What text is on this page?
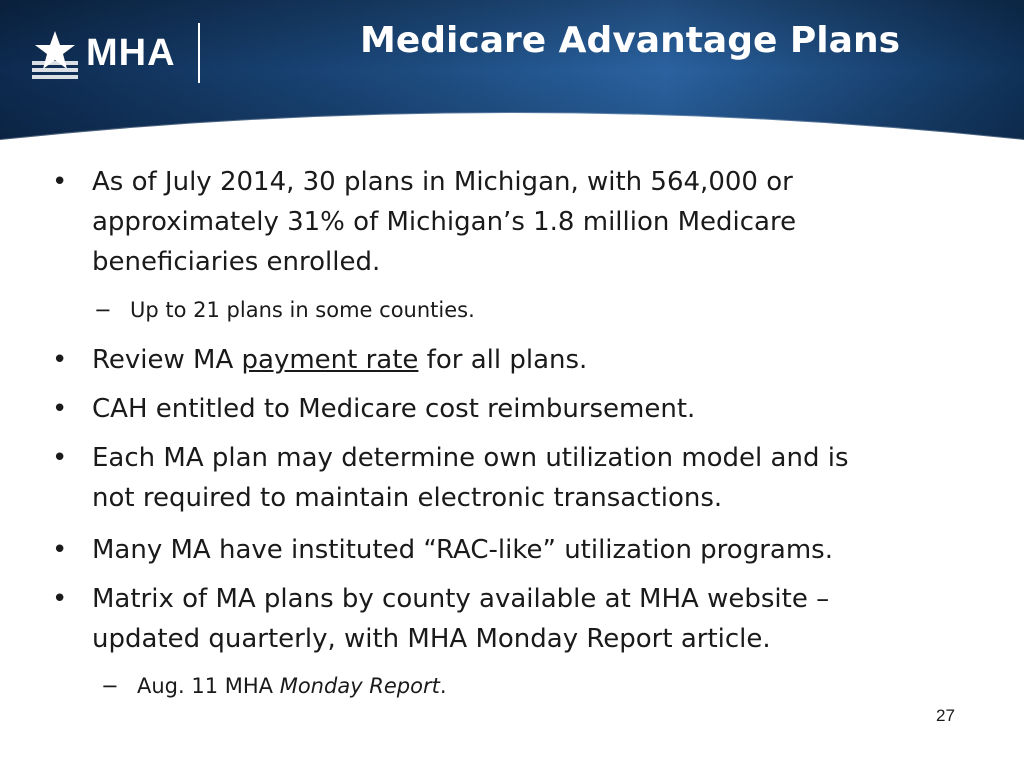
MHA	Medicare Advantage Plans
• As of July 2014, 30 plans in Michigan, with 564,000 or
approximately 31% of Michigan’s 1.8 million Medicare
beneficiaries enrolled.
− Up to 21 plans in some counties.
• Review MA payment rate for all plans.
• CAH entitled to Medicare cost reimbursement.
• Each MA plan may determine own utilization model and is
not required to maintain electronic transactions.
• Many MA have instituted “RAC-like” utilization programs.
• Matrix of MA plans by county available at MHA website –
updated quarterly, with MHA Monday Report article.
− Aug. 11 MHA Monday Report.
27
